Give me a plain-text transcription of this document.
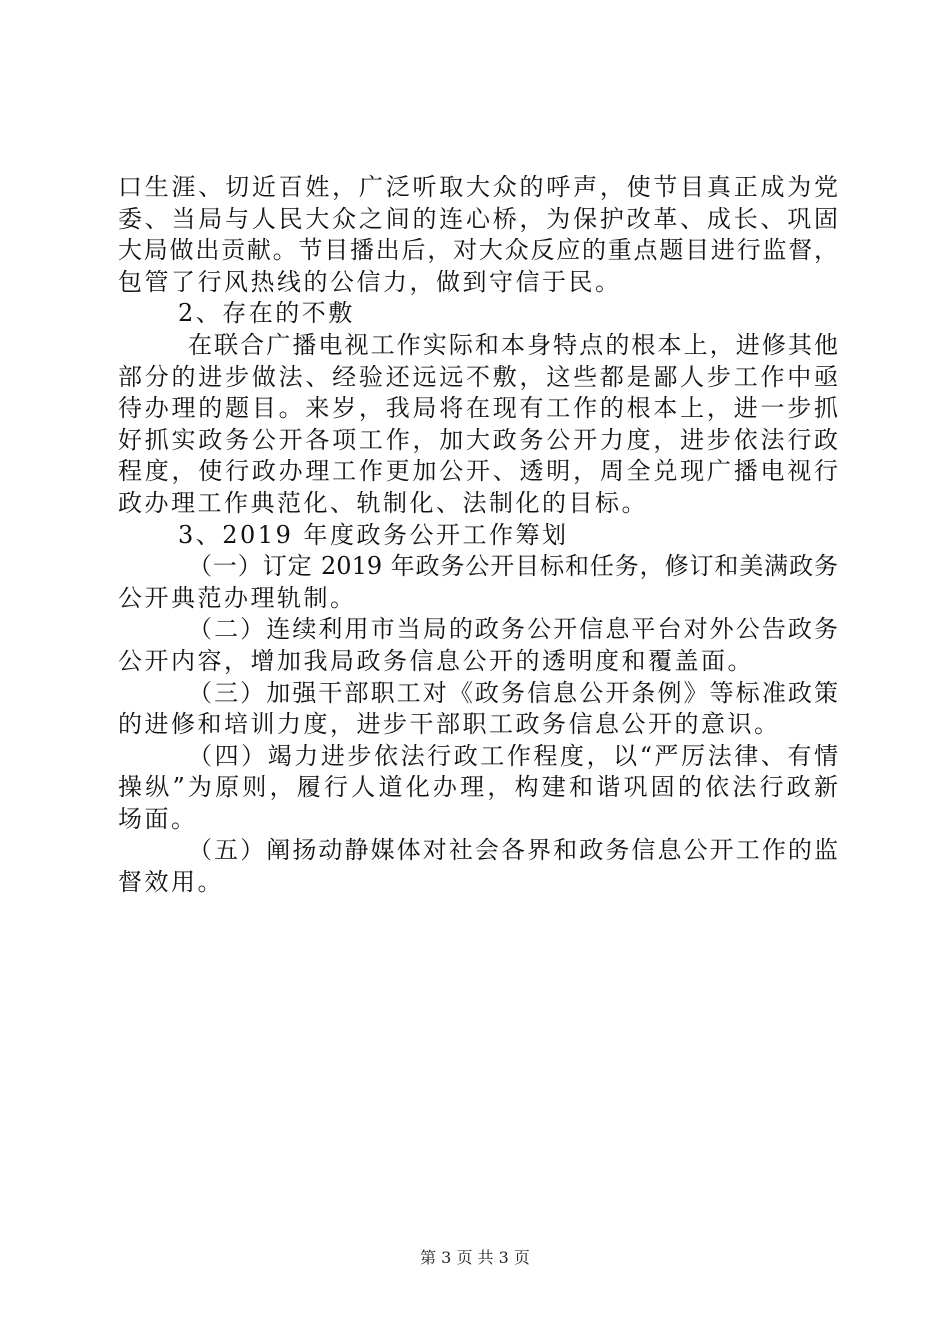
口生涯、切近百姓，广泛听取大众的呼声，使节目真正成为党
委、当局与人民大众之间的连心桥，为保护改革、成长、巩固
大局做出贡献。节目播出后，对大众反应的重点题目进行监督，
包管了行风热线的公信力，做到守信于民。
2、存在的不敷
在联合广播电视工作实际和本身特点的根本上，进修其他
部分的进步做法、经验还远远不敷，这些都是鄙人步工作中亟
待办理的题目。来岁，我局将在现有工作的根本上，进一步抓
好抓实政务公开各项工作，加大政务公开力度，进步依法行政
程度，使行政办理工作更加公开、透明，周全兑现广播电视行
政办理工作典范化、轨制化、法制化的目标。
3、2019 年度政务公开工作筹划
（一）订定 2019 年政务公开目标和任务，修订和美满政务
公开典范办理轨制。
（二）连续利用市当局的政务公开信息平台对外公告政务
公开内容，增加我局政务信息公开的透明度和覆盖面。
（三）加强干部职工对《政务信息公开条例》等标准政策
的进修和培训力度，进步干部职工政务信息公开的意识。
（四）竭力进步依法行政工作程度，以“严厉法律、有情
操纵”为原则，履行人道化办理，构建和谐巩固的依法行政新
场面。
（五）阐扬动静媒体对社会各界和政务信息公开工作的监
督效用。
第 3 页 共 3 页
